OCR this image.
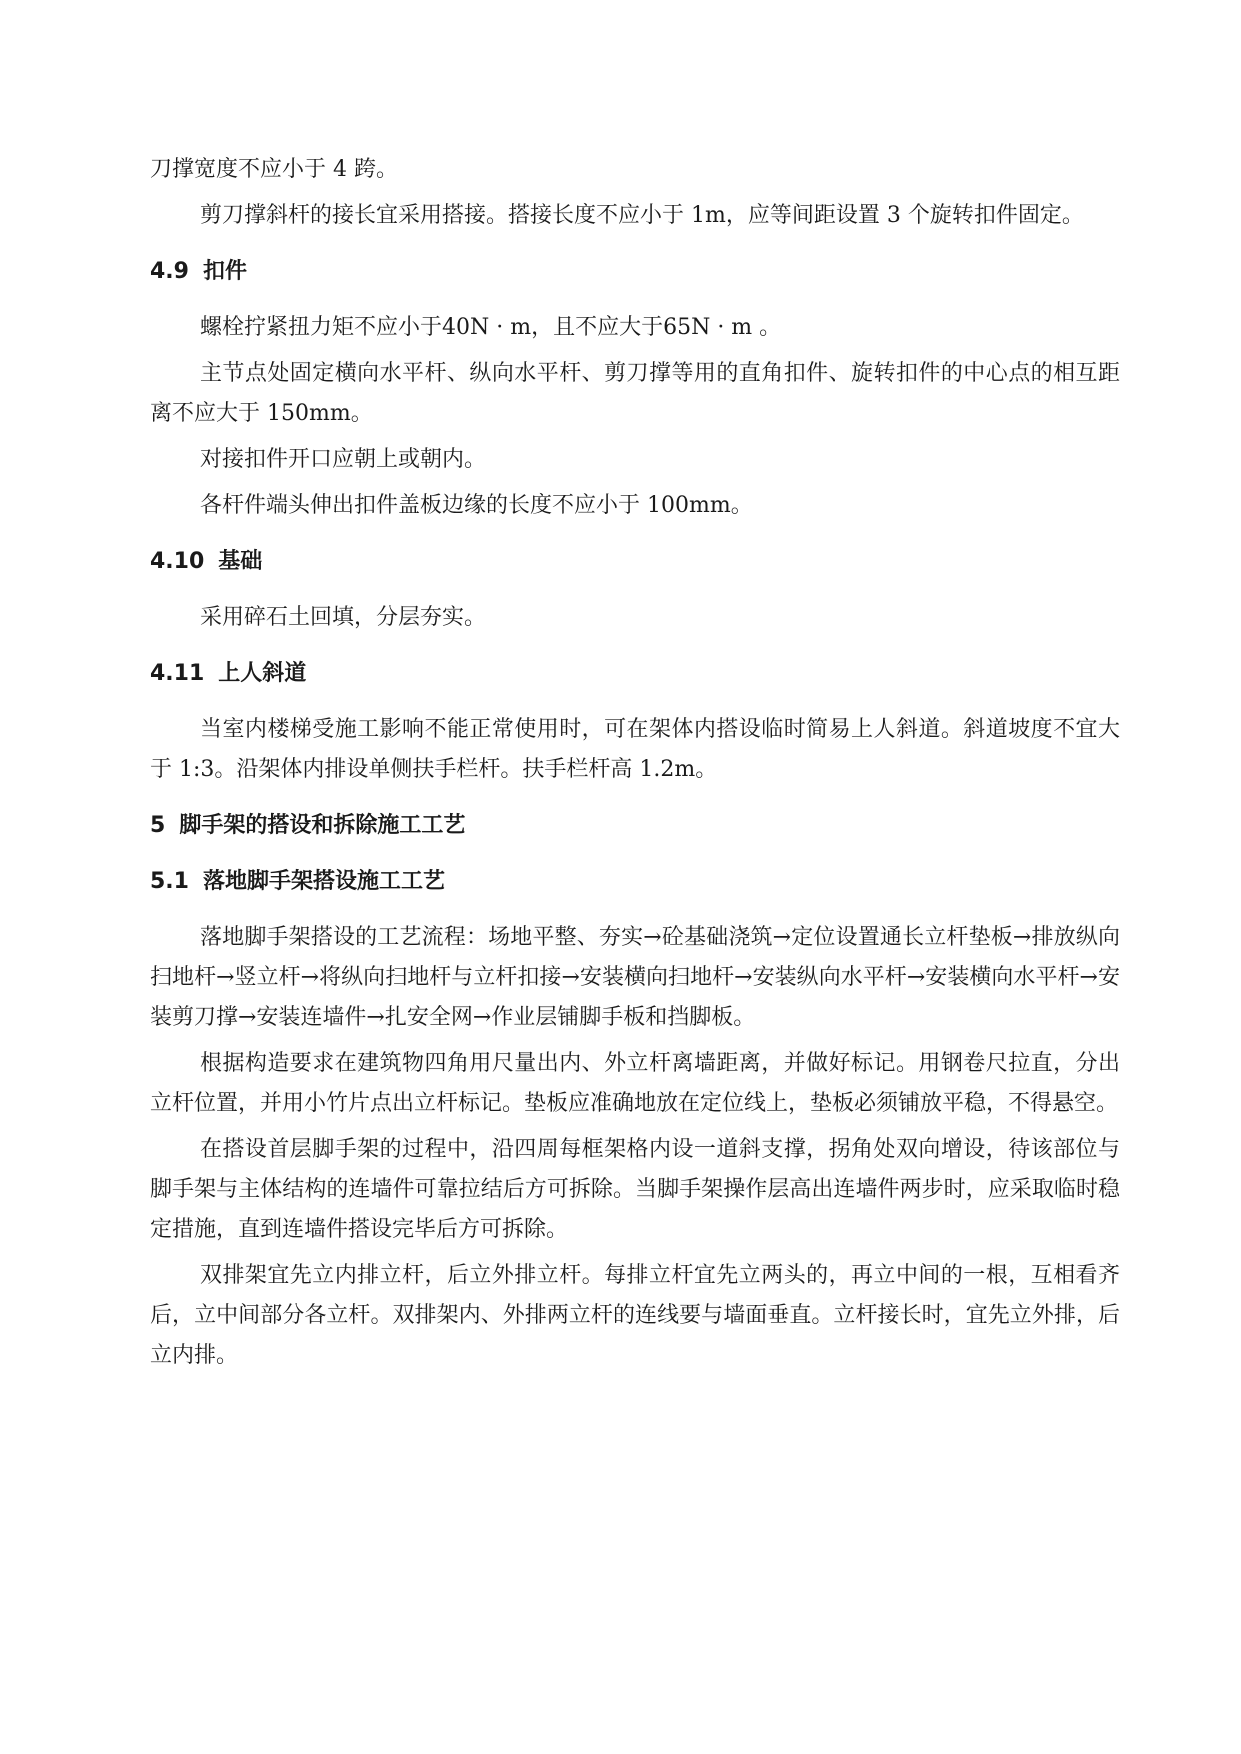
刀撑宽度不应小于 4 跨。

剪刀撑斜杆的接长宜采用搭接。搭接长度不应小于 1m，应等间距设置 3 个旋转扣件固定。

4.9 扣件

螺栓拧紧扭力矩不应小于40N · m，且不应大于65N · m 。

主节点处固定横向水平杆、纵向水平杆、剪刀撑等用的直角扣件、旋转扣件的中心点的相互距离不应大于 150mm。

对接扣件开口应朝上或朝内。

各杆件端头伸出扣件盖板边缘的长度不应小于 100mm。

4.10 基础

采用碎石土回填，分层夯实。

4.11 上人斜道

当室内楼梯受施工影响不能正常使用时，可在架体内搭设临时简易上人斜道。斜道坡度不宜大于 1:3。沿架体内排设单侧扶手栏杆。扶手栏杆高 1.2m。

5 脚手架的搭设和拆除施工工艺
5.1 落地脚手架搭设施工工艺

落地脚手架搭设的工艺流程：场地平整、夯实→砼基础浇筑→定位设置通长立杆垫板→排放纵向扫地杆→竖立杆→将纵向扫地杆与立杆扣接→安装横向扫地杆→安装纵向水平杆→安装横向水平杆→安装剪刀撑→安装连墙件→扎安全网→作业层铺脚手板和挡脚板。

根据构造要求在建筑物四角用尺量出内、外立杆离墙距离，并做好标记。用钢卷尺拉直，分出立杆位置，并用小竹片点出立杆标记。垫板应准确地放在定位线上，垫板必须铺放平稳，不得悬空。

在搭设首层脚手架的过程中，沿四周每框架格内设一道斜支撑，拐角处双向增设，待该部位与脚手架与主体结构的连墙件可靠拉结后方可拆除。当脚手架操作层高出连墙件两步时，应采取临时稳定措施，直到连墙件搭设完毕后方可拆除。

双排架宜先立内排立杆，后立外排立杆。每排立杆宜先立两头的，再立中间的一根，互相看齐后，立中间部分各立杆。双排架内、外排两立杆的连线要与墙面垂直。立杆接长时，宜先立外排，后立内排。
